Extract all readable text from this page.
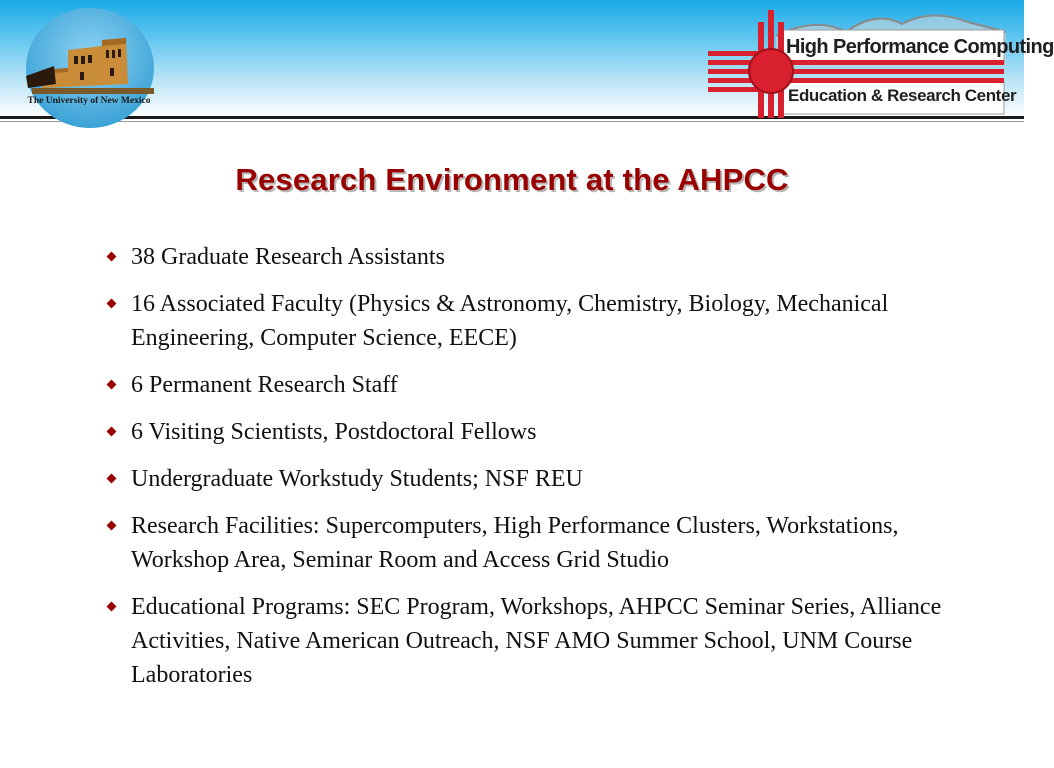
The University of New Mexico
High Performance Computing
Education & Research Center
Research Environment at the AHPCC
38 Graduate Research Assistants
16 Associated Faculty (Physics & Astronomy, Chemistry, Biology, Mechanical Engineering, Computer Science, EECE)
6 Permanent Research Staff
6 Visiting Scientists, Postdoctoral Fellows
Undergraduate Workstudy Students; NSF REU
Research Facilities: Supercomputers, High Performance Clusters, Workstations, Workshop Area, Seminar Room and Access Grid Studio
Educational Programs: SEC Program, Workshops, AHPCC Seminar Series, Alliance Activities, Native American Outreach, NSF AMO Summer School, UNM Course Laboratories
